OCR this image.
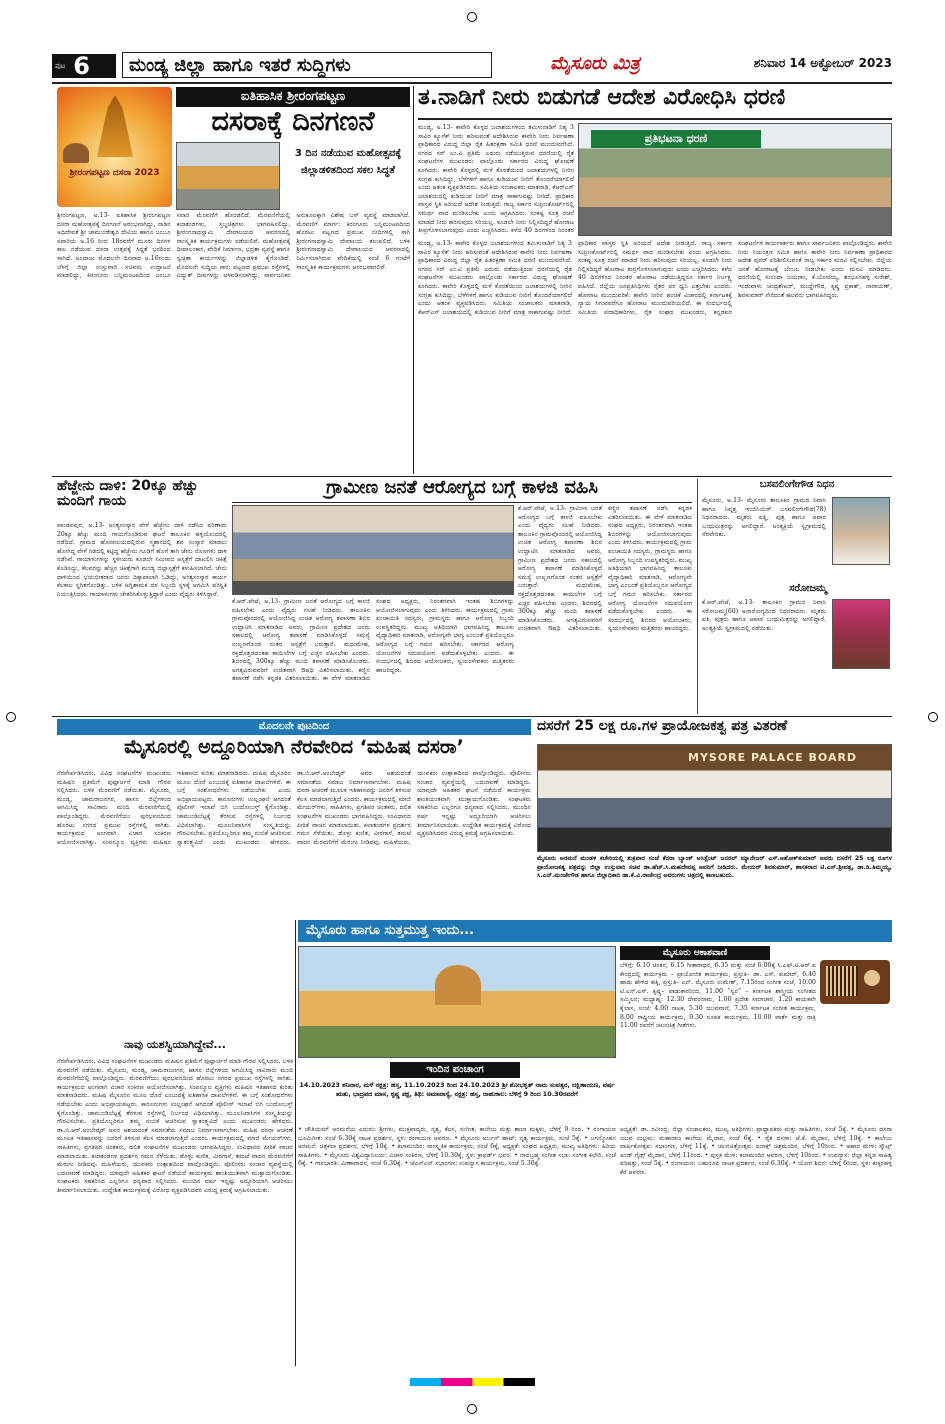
ಪುಟ 6	ಮಂಡ್ಯ ಜಿಲ್ಲಾ ಹಾಗೂ ಇತರೆ ಸುದ್ದಿಗಳು	ಮೈಸೂರು ಮಿತ್ರ	ಶನಿವಾರ 14 ಅಕ್ಟೋಬರ್ 2023
ಶ್ರೀರಂಗಪಟ್ಟಣ ದಸರಾ 2023
ಐತಿಹಾಸಿಕ ಶ್ರೀರಂಗಪಟ್ಟಣ
ದಸರಾಕ್ಕೆ ದಿನಗಣನೆ
3 ದಿನ ನಡೆಯುವ ಮಹೋತ್ಸವಕ್ಕೆ ಜಿಲ್ಲಾಡಳಿತದಿಂದ ಸಕಲ ಸಿದ್ಧತೆ
ಶ್ರೀರಂಗಪಟ್ಟಣ, ಅ.13- ಐತಿಹಾಸಿಕ ಶ್ರೀರಂಗಪಟ್ಟಣ ದಸರಾ ಮಹೋತ್ಸವಕ್ಕೆ ದಿನಗಣನೆ ಆರಂಭವಾಗಿದ್ದು, ನಾಡಿನ ಅಧಿದೇವತೆ ಶ್ರೀ ಚಾಮುಂಡೇಶ್ವರಿ ದೇವಿಯ ಹಾಗೂ ಜಂಬೂ ಸವಾರಿಯ ಅ.16 ರಿಂದ 18ರವರೆಗೆ ಮೂರು ದಿನಗಳ ಕಾಲ ನಡೆಯುವ ದಸರಾ ಉತ್ಸವಕ್ಕೆ ಸಿದ್ಧತೆ ಭರದಿಂದ ಸಾಗಿದೆ. ಅಂದಾಜು ಮೊದಲನೇ ದಿನವಾದ ಅ.16ರಂದು ಬೆಳಗ್ಗೆ ಜಿಲ್ಲಾ ಉಸ್ತುವಾರಿ ಸಚಿವರು ಉದ್ಘಾಟನೆ ಮಾಡಲಿದ್ದು, ಕಿರಂಗೂರು ಬನ್ನಿಮಂಟಪದಿಂದ ಜಂಬೂ ಸವಾರಿ ಮೆರವಣಿಗೆ ಹೊರಡಲಿದೆ. ಮೆರವಣಿಗೆಯಲ್ಲಿ ಕಲಾತಂಡಗಳು, ಸ್ತಬ್ಧಚಿತ್ರಗಳು ಭಾಗವಹಿಸಲಿದ್ದು, ಶ್ರೀರಂಗನಾಥಸ್ವಾಮಿ ದೇವಾಲಯದ ಆವರಣದಲ್ಲಿ ಸಾಂಸ್ಕೃತಿಕ ಕಾರ್ಯಕ್ರಮಗಳು ನಡೆಯಲಿವೆ. ಮಹೋತ್ಸವಕ್ಕೆ ದೀಪಾಲಂಕಾರ, ವೇದಿಕೆ ನಿರ್ಮಾಣ, ಭದ್ರತಾ ವ್ಯವಸ್ಥೆ ಹಾಗೂ ಸ್ವಚ್ಛತಾ ಕಾರ್ಯಗಳನ್ನು ಜಿಲ್ಲಾಡಳಿತ ಕೈಗೊಂಡಿದೆ. ಮೊದಲನೇ ಸುದ್ದಿಯ ಸಾರ: ಪಟ್ಟಣದ ಪ್ರಮುಖ ರಸ್ತೆಗಳಲ್ಲಿ ವಿದ್ಯುತ್ ದೀಪಗಳನ್ನು ಅಳವಡಿಸಲಾಗಿದ್ದು, ಸಾರ್ವಜನಿಕರ ಅನುಕೂಲಕ್ಕಾಗಿ ವಿಶೇಷ ಬಸ್ ವ್ಯವಸ್ಥೆ ಮಾಡಲಾಗಿದೆ. ಮೆರವಣಿಗೆ ಮಾರ್ಗ: ಕಿರಂಗೂರು ಬನ್ನಿಮಂಟಪದಿಂದ ಹೊರಟು ಪಟ್ಟಣದ ಪ್ರಮುಖ ಬೀದಿಗಳಲ್ಲಿ ಸಾಗಿ ಶ್ರೀರಂಗನಾಥಸ್ವಾಮಿ ದೇವಾಲಯ ತಲುಪಲಿದೆ. ಬಳಿಕ ಶ್ರೀರಂಗನಾಥಸ್ವಾಮಿ ದೇವಾಲಯದ ಆವರಣದಲ್ಲಿ ನಿರ್ಮಿಸಲಾಗಿರುವ ವೇದಿಕೆಯಲ್ಲಿ ಸಂಜೆ 6 ಗಂಟೆಗೆ ಸಾಂಸ್ಕೃತಿಕ ಕಾರ್ಯಕ್ರಮಗಳು ಆರಂಭವಾಗಲಿವೆ.
ತ.ನಾಡಿಗೆ ನೀರು ಬಿಡುಗಡೆ ಆದೇಶ ವಿರೋಧಿಸಿ ಧರಣಿ
ಮಂಡ್ಯ, ಅ.13- ಕಾವೇರಿ ಕೊಳ್ಳದ ಜಲಾಶಯಗಳಿಂದ ತಮಿಳುನಾಡಿಗೆ ನಿತ್ಯ 3 ಸಾವಿರ ಕ್ಯೂಸೆಕ್ ನೀರು ಹರಿಸುವಂತೆ ಆದೇಶಿಸಿರುವ ಕಾವೇರಿ ನೀರು ನಿರ್ವಹಣಾ ಪ್ರಾಧಿಕಾರದ ವಿರುದ್ಧ ಜಿಲ್ಲಾ ರೈತ ಹಿತರಕ್ಷಣಾ ಸಮಿತಿ ಧರಣಿ ಮುಂದುವರೆಸಿದೆ. ನಗರದ ಸರ್ ಎಂ.ವಿ ಪ್ರತಿಮೆ ಎದುರು ನಡೆಯುತ್ತಿರುವ ಧರಣಿಯಲ್ಲಿ ರೈತ ಸಂಘಟನೆಗಳ ಮುಖಂಡರು ಪಾಲ್ಗೊಂಡು ಸರ್ಕಾರದ ವಿರುದ್ಧ ಘೋಷಣೆ ಕೂಗಿದರು. ಕಾವೇರಿ ಕೊಳ್ಳದಲ್ಲಿ ಮಳೆ ಕೊರತೆಯಿಂದ ಜಲಾಶಯಗಳಲ್ಲಿ ನೀರಿನ ಸಂಗ್ರಹ ಕುಸಿದಿದ್ದು, ಬೆಳೆಗಳಿಗೆ ಹಾಗೂ ಕುಡಿಯುವ ನೀರಿಗೆ ತೊಂದರೆಯಾಗಲಿದೆ ಎಂದು ಆತಂಕ ವ್ಯಕ್ತಪಡಿಸಿದರು. ಸಮಿತಿಯ ಸಂಚಾಲಕರು ಮಾತನಾಡಿ, ಕೆಆರ್‌ಎಸ್ ಜಲಾಶಯದಲ್ಲಿ ಕುಡಿಯುವ ನೀರಿಗೆ ಮಾತ್ರ ಸಾಕಾಗುವಷ್ಟು ನೀರಿದೆ. ಪ್ರಾಧಿಕಾರ ವಾಸ್ತವ ಸ್ಥಿತಿ ಅರಿಯದೆ ಆದೇಶ ನೀಡುತ್ತಿದೆ. ರಾಜ್ಯ ಸರ್ಕಾರ ಸುಪ್ರೀಂಕೋರ್ಟ್‌ನಲ್ಲಿ ಸಮರ್ಥ ವಾದ ಮಂಡಿಸಬೇಕು ಎಂದು ಆಗ್ರಹಿಸಿದರು. ಸಂಕಷ್ಟ ಸೂತ್ರ ರಚನೆ ಮಾಡದೆ ನೀರು ಹರಿಸುವುದು ಸರಿಯಲ್ಲ. ಕೂಡಲೇ ನೀರು ನಿಲ್ಲಿಸದಿದ್ದರೆ ಹೋರಾಟ ತೀವ್ರಗೊಳಿಸಲಾಗುವುದು ಎಂದು ಎಚ್ಚರಿಸಿದರು. ಕಳೆದ 40 ದಿನಗಳಿಂದ ನಿರಂತರ
ಪ್ರತಿಭಟನಾ ಧರಣಿ
ಮಂಡ್ಯ, ಅ.13- ಕಾವೇರಿ ಕೊಳ್ಳದ ಜಲಾಶಯಗಳಿಂದ ತಮಿಳುನಾಡಿಗೆ ನಿತ್ಯ 3 ಸಾವಿರ ಕ್ಯೂಸೆಕ್ ನೀರು ಹರಿಸುವಂತೆ ಆದೇಶಿಸಿರುವ ಕಾವೇರಿ ನೀರು ನಿರ್ವಹಣಾ ಪ್ರಾಧಿಕಾರದ ವಿರುದ್ಧ ಜಿಲ್ಲಾ ರೈತ ಹಿತರಕ್ಷಣಾ ಸಮಿತಿ ಧರಣಿ ಮುಂದುವರೆಸಿದೆ. ನಗರದ ಸರ್ ಎಂ.ವಿ ಪ್ರತಿಮೆ ಎದುರು ನಡೆಯುತ್ತಿರುವ ಧರಣಿಯಲ್ಲಿ ರೈತ ಸಂಘಟನೆಗಳ ಮುಖಂಡರು ಪಾಲ್ಗೊಂಡು ಸರ್ಕಾರದ ವಿರುದ್ಧ ಘೋಷಣೆ ಕೂಗಿದರು. ಕಾವೇರಿ ಕೊಳ್ಳದಲ್ಲಿ ಮಳೆ ಕೊರತೆಯಿಂದ ಜಲಾಶಯಗಳಲ್ಲಿ ನೀರಿನ ಸಂಗ್ರಹ ಕುಸಿದಿದ್ದು, ಬೆಳೆಗಳಿಗೆ ಹಾಗೂ ಕುಡಿಯುವ ನೀರಿಗೆ ತೊಂದರೆಯಾಗಲಿದೆ ಎಂದು ಆತಂಕ ವ್ಯಕ್ತಪಡಿಸಿದರು. ಸಮಿತಿಯ ಸಂಚಾಲಕರು ಮಾತನಾಡಿ, ಕೆಆರ್‌ಎಸ್ ಜಲಾಶಯದಲ್ಲಿ ಕುಡಿಯುವ ನೀರಿಗೆ ಮಾತ್ರ ಸಾಕಾಗುವಷ್ಟು ನೀರಿದೆ. ಪ್ರಾಧಿಕಾರ ವಾಸ್ತವ ಸ್ಥಿತಿ ಅರಿಯದೆ ಆದೇಶ ನೀಡುತ್ತಿದೆ. ರಾಜ್ಯ ಸರ್ಕಾರ ಸುಪ್ರೀಂಕೋರ್ಟ್‌ನಲ್ಲಿ ಸಮರ್ಥ ವಾದ ಮಂಡಿಸಬೇಕು ಎಂದು ಆಗ್ರಹಿಸಿದರು. ಸಂಕಷ್ಟ ಸೂತ್ರ ರಚನೆ ಮಾಡದೆ ನೀರು ಹರಿಸುವುದು ಸರಿಯಲ್ಲ. ಕೂಡಲೇ ನೀರು ನಿಲ್ಲಿಸದಿದ್ದರೆ ಹೋರಾಟ ತೀವ್ರಗೊಳಿಸಲಾಗುವುದು ಎಂದು ಎಚ್ಚರಿಸಿದರು. ಕಳೆದ 40 ದಿನಗಳಿಂದ ನಿರಂತರ ಹೋರಾಟ ನಡೆಯುತ್ತಿದ್ದರೂ ಸರ್ಕಾರ ನಿರ್ಲಕ್ಷ್ಯ ವಹಿಸಿದೆ. ಜಿಲ್ಲೆಯ ಜನಪ್ರತಿನಿಧಿಗಳು ರೈತರ ಪರ ಧ್ವನಿ ಎತ್ತಬೇಕು ಎಂದರು. ಹೋರಾಟ ಮುಂದುವರಿಕೆ: ಕಾವೇರಿ ನೀರಿನ ಹಂಚಿಕೆ ವಿಚಾರದಲ್ಲಿ ಕರ್ನಾಟಕಕ್ಕೆ ನ್ಯಾಯ ಸಿಗುವವರೆಗೂ ಹೋರಾಟ ಮುಂದುವರಿಯಲಿದೆ. ಈ ಸಂದರ್ಭದಲ್ಲಿ ಸಮಿತಿಯ ಪದಾಧಿಕಾರಿಗಳು, ರೈತ ಸಂಘದ ಮುಖಂಡರು, ಕನ್ನಡಪರ ಸಂಘಟನೆಗಳ ಕಾರ್ಯಕರ್ತರು ಹಾಗೂ ಸಾರ್ವಜನಿಕರು ಪಾಲ್ಗೊಂಡಿದ್ದರು. ಕಾವೇರಿ ನೀರು ನಿಯಂತ್ರಣ ಸಮಿತಿ ಹಾಗೂ ಕಾವೇರಿ ನೀರು ನಿರ್ವಹಣಾ ಪ್ರಾಧಿಕಾರದ ಆದೇಶ ಪುನರ್ ಪರಿಶೀಲಿಸುವಂತೆ ರಾಜ್ಯ ಸರ್ಕಾರ ಮನವಿ ಸಲ್ಲಿಸಬೇಕು. ಜಿಲ್ಲೆಯ ಜನತೆ ಹೋರಾಟಕ್ಕೆ ಬೆಂಬಲ ನೀಡಬೇಕು ಎಂದು ಮನವಿ ಮಾಡಿದರು. ಧರಣಿಯಲ್ಲಿ ಸುನಂದಾ ಜಯರಾಂ, ಕೆ.ಬೋರಯ್ಯ, ಶಂಭೂನಹಳ್ಳಿ ಸುರೇಶ್, ಇಂಡುವಾಳು ಚಂದ್ರಶೇಖರ್, ಮುದ್ದೇಗೌಡ, ಕೃಷ್ಣ ಪ್ರಕಾಶ್, ನಾರಾಯಣ್, ಶಿವಕುಮಾರ್ ಸೇರಿದಂತೆ ಹಲವರು ಭಾಗವಹಿಸಿದ್ದರು.
ಹೆಜ್ಜೇನು ದಾಳಿ: 20ಕ್ಕೂ ಹೆಚ್ಚು ಮಂದಿಗೆ ಗಾಯ
ಪಾಂಡವಪುರ, ಅ.13- ಅಂತ್ಯಸಂಸ್ಕಾರ ವೇಳೆ ಹೆಜ್ಜೇನು ದಾಳಿ ನಡೆಸಿದ ಪರಿಣಾಮ 20ಕ್ಕೂ ಹೆಚ್ಚು ಮಂದಿ ಗಾಯಗೊಂಡಿರುವ ಘಟನೆ ತಾಲೂಕಿನ ಹಳ್ಳಿಯೊಂದರಲ್ಲಿ ನಡೆದಿದೆ. ಗ್ರಾಮದ ಹೊರವಲಯದಲ್ಲಿರುವ ಸ್ಮಶಾನದಲ್ಲಿ ಶವ ಸಂಸ್ಕಾರ ಮಾಡಲು ಹೋಗಿದ್ದ ವೇಳೆ ಗಿಡದಲ್ಲಿ ಕಟ್ಟಿದ್ದ ಹೆಜ್ಜೇನು ಗೂಡಿಗೆ ಹೊಗೆ ತಾಗಿ ಜೇನು ನೊಣಗಳು ದಾಳಿ ನಡೆಸಿವೆ. ಗಾಯಾಳುಗಳನ್ನು ಸ್ಥಳೀಯರು ಕೂಡಲೇ ಸಮೀಪದ ಆಸ್ಪತ್ರೆಗೆ ದಾಖಲಿಸಿ ಚಿಕಿತ್ಸೆ ಕೊಡಿಸಿದ್ದು, ಕೆಲವರನ್ನು ಹೆಚ್ಚಿನ ಚಿಕಿತ್ಸೆಗಾಗಿ ಮಂಡ್ಯ ಜಿಲ್ಲಾಸ್ಪತ್ರೆಗೆ ಕಳುಹಿಸಲಾಗಿದೆ. ಜೇನು ದಾಳಿಯಿಂದ ಭಯಭೀತರಾದ ಜನರು ದಿಕ್ಕಾಪಾಲಾಗಿ ಓಡಿದ್ದು, ಅಂತ್ಯಸಂಸ್ಕಾರ ಕಾರ್ಯ ಕೆಲಕಾಲ ಸ್ಥಗಿತಗೊಂಡಿತ್ತು. ಬಳಿಕ ಅಗ್ನಿಶಾಮಕ ದಳ ಸಿಬ್ಬಂದಿ ಸ್ಥಳಕ್ಕೆ ಆಗಮಿಸಿ ಪರಿಸ್ಥಿತಿ ನಿಯಂತ್ರಿಸಿದರು. ಗಾಯಾಳುಗಳು ಚೇತರಿಸಿಕೊಳ್ಳುತ್ತಿದ್ದಾರೆ ಎಂದು ವೈದ್ಯರು ತಿಳಿಸಿದ್ದಾರೆ.
ಗ್ರಾಮೀಣ ಜನತೆ ಆರೋಗ್ಯದ ಬಗ್ಗೆ ಕಾಳಜಿ ವಹಿಸಿ
ಕೆ.ಆರ್.ಪೇಟೆ, ಅ.13- ಗ್ರಾಮೀಣ ಜನತೆ ಆರೋಗ್ಯದ ಬಗ್ಗೆ ಕಾಳಜಿ ವಹಿಸಬೇಕು ಎಂದು ವೈದ್ಯರು ಸಲಹೆ ನೀಡಿದರು. ತಾಲೂಕಿನ ಗ್ರಾಮವೊಂದರಲ್ಲಿ ಆಯೋಜಿಸಿದ್ದ ಉಚಿತ ಆರೋಗ್ಯ ತಪಾಸಣಾ ಶಿಬಿರ ಉದ್ಘಾಟಿಸಿ ಮಾತನಾಡಿದ ಅವರು, ಗ್ರಾಮೀಣ ಪ್ರದೇಶದ ಜನರು ಸಕಾಲದಲ್ಲಿ ಆರೋಗ್ಯ ತಪಾಸಣೆ ಮಾಡಿಸಿಕೊಳ್ಳದೆ ಸಮಸ್ಯೆ ಉಲ್ಬಣಗೊಂಡ ನಂತರ ಆಸ್ಪತ್ರೆಗೆ ಬರುತ್ತಾರೆ. ಮಧುಮೇಹ, ರಕ್ತದೊತ್ತಡದಂತಹ ಕಾಯಿಲೆಗಳ ಬಗ್ಗೆ ಎಚ್ಚರ ವಹಿಸಬೇಕು ಎಂದರು. ಶಿಬಿರದಲ್ಲಿ 300ಕ್ಕೂ ಹೆಚ್ಚು ಮಂದಿ ತಪಾಸಣೆ ಮಾಡಿಸಿಕೊಂಡರು. ಅಗತ್ಯವಿರುವವರಿಗೆ ಉಚಿತವಾಗಿ ಔಷಧಿ ವಿತರಿಸಲಾಯಿತು. ಕಣ್ಣಿನ ತಪಾಸಣೆ ನಡೆಸಿ ಕನ್ನಡಕ ವಿತರಿಸಲಾಯಿತು. ಈ ವೇಳೆ ಮಾತನಾಡಿದ ಸಂಘದ ಅಧ್ಯಕ್ಷರು, ನಿರಂತರವಾಗಿ ಇಂತಹ ಶಿಬಿರಗಳನ್ನು ಆಯೋಜಿಸಲಾಗುವುದು ಎಂದು ತಿಳಿಸಿದರು. ಕಾರ್ಯಕ್ರಮದಲ್ಲಿ ಗ್ರಾಮ ಪಂಚಾಯಿತಿ ಸದಸ್ಯರು, ಗ್ರಾಮಸ್ಥರು ಹಾಗೂ ಆರೋಗ್ಯ ಸಿಬ್ಬಂದಿ ಉಪಸ್ಥಿತರಿದ್ದರು. ಮುಖ್ಯ ಅತಿಥಿಯಾಗಿ ಭಾಗವಹಿಸಿದ್ದ ತಾಲೂಕು ವೈದ್ಯಾಧಿಕಾರಿ ಮಾತನಾಡಿ, ಆರೋಗ್ಯವೇ ಭಾಗ್ಯ ಎಂಬಂತೆ ಪ್ರತಿಯೊಬ್ಬರೂ ಆರೋಗ್ಯದ ಬಗ್ಗೆ ಗಮನ ಹರಿಸಬೇಕು. ಸರ್ಕಾರದ ಆರೋಗ್ಯ ಯೋಜನೆಗಳ ಸದುಪಯೋಗ ಪಡೆದುಕೊಳ್ಳಬೇಕು ಎಂದರು. ಈ ಸಂದರ್ಭದಲ್ಲಿ ಶಿಬಿರದ ಆಯೋಜಕರು, ಸ್ವಯಂಸೇವಕರು ಮತ್ತಿತರರು ಹಾಜರಿದ್ದರು.
ಕೆ.ಆರ್.ಪೇಟೆ, ಅ.13- ಗ್ರಾಮೀಣ ಜನತೆ ಆರೋಗ್ಯದ ಬಗ್ಗೆ ಕಾಳಜಿ ವಹಿಸಬೇಕು ಎಂದು ವೈದ್ಯರು ಸಲಹೆ ನೀಡಿದರು. ತಾಲೂಕಿನ ಗ್ರಾಮವೊಂದರಲ್ಲಿ ಆಯೋಜಿಸಿದ್ದ ಉಚಿತ ಆರೋಗ್ಯ ತಪಾಸಣಾ ಶಿಬಿರ ಉದ್ಘಾಟಿಸಿ ಮಾತನಾಡಿದ ಅವರು, ಗ್ರಾಮೀಣ ಪ್ರದೇಶದ ಜನರು ಸಕಾಲದಲ್ಲಿ ಆರೋಗ್ಯ ತಪಾಸಣೆ ಮಾಡಿಸಿಕೊಳ್ಳದೆ ಸಮಸ್ಯೆ ಉಲ್ಬಣಗೊಂಡ ನಂತರ ಆಸ್ಪತ್ರೆಗೆ ಬರುತ್ತಾರೆ. ಮಧುಮೇಹ, ರಕ್ತದೊತ್ತಡದಂತಹ ಕಾಯಿಲೆಗಳ ಬಗ್ಗೆ ಎಚ್ಚರ ವಹಿಸಬೇಕು ಎಂದರು. ಶಿಬಿರದಲ್ಲಿ 300ಕ್ಕೂ ಹೆಚ್ಚು ಮಂದಿ ತಪಾಸಣೆ ಮಾಡಿಸಿಕೊಂಡರು. ಅಗತ್ಯವಿರುವವರಿಗೆ ಉಚಿತವಾಗಿ ಔಷಧಿ ವಿತರಿಸಲಾಯಿತು. ಕಣ್ಣಿನ ತಪಾಸಣೆ ನಡೆಸಿ ಕನ್ನಡಕ ವಿತರಿಸಲಾಯಿತು. ಈ ವೇಳೆ ಮಾತನಾಡಿದ ಸಂಘದ ಅಧ್ಯಕ್ಷರು, ನಿರಂತರವಾಗಿ ಇಂತಹ ಶಿಬಿರಗಳನ್ನು ಆಯೋಜಿಸಲಾಗುವುದು ಎಂದು ತಿಳಿಸಿದರು. ಕಾರ್ಯಕ್ರಮದಲ್ಲಿ ಗ್ರಾಮ ಪಂಚಾಯಿತಿ ಸದಸ್ಯರು, ಗ್ರಾಮಸ್ಥರು ಹಾಗೂ ಆರೋಗ್ಯ ಸಿಬ್ಬಂದಿ ಉಪಸ್ಥಿತರಿದ್ದರು. ಮುಖ್ಯ ಅತಿಥಿಯಾಗಿ ಭಾಗವಹಿಸಿದ್ದ ತಾಲೂಕು ವೈದ್ಯಾಧಿಕಾರಿ ಮಾತನಾಡಿ, ಆರೋಗ್ಯವೇ ಭಾಗ್ಯ ಎಂಬಂತೆ ಪ್ರತಿಯೊಬ್ಬರೂ ಆರೋಗ್ಯದ ಬಗ್ಗೆ ಗಮನ ಹರಿಸಬೇಕು. ಸರ್ಕಾರದ ಆರೋಗ್ಯ ಯೋಜನೆಗಳ ಸದುಪಯೋಗ ಪಡೆದುಕೊಳ್ಳಬೇಕು ಎಂದರು. ಈ ಸಂದರ್ಭದಲ್ಲಿ ಶಿಬಿರದ ಆಯೋಜಕರು, ಸ್ವಯಂಸೇವಕರು ಮತ್ತಿತರರು ಹಾಜರಿದ್ದರು.
ಬಸವಲಿಂಗೇಗೌಡ ನಿಧನ
ಮೈಸೂರು, ಅ.13- ಮೈಸೂರು ತಾಲೂಕಿನ ಗ್ರಾಮದ ನಿವಾಸಿ ಹಾಗೂ ನಿವೃತ್ತ ಇಂಜಿನಿಯರ್ ಬಸವಲಿಂಗೇಗೌಡ(78) ನಿಧನರಾದರು. ಮೃತರು ಪತ್ನಿ, ಪುತ್ರ ಹಾಗೂ ಅಪಾರ ಬಂಧುಮಿತ್ರರನ್ನು ಅಗಲಿದ್ದಾರೆ. ಅಂತ್ಯಕ್ರಿಯೆ ಸ್ವಗ್ರಾಮದಲ್ಲಿ ನೆರವೇರಿತು.
ಸರೋಜಮ್ಮ
ಕೆ.ಆರ್.ಪೇಟೆ, ಅ.13- ತಾಲೂಕಿನ ಗ್ರಾಮದ ನಿವಾಸಿ ಸರೋಜಮ್ಮ(60) ಅನಾರೋಗ್ಯದಿಂದ ನಿಧನರಾದರು. ಮೃತರು ಪತಿ, ಪುತ್ರರು ಹಾಗೂ ಅಪಾರ ಬಂಧುಮಿತ್ರರನ್ನು ಅಗಲಿದ್ದಾರೆ. ಅಂತ್ಯಕ್ರಿಯೆ ಸ್ವಗ್ರಾಮದಲ್ಲಿ ನಡೆಯಿತು.
ಮೊದಲನೇ ಪುಟದಿಂದ
ಮೈಸೂರಲ್ಲಿ ಅದ್ದೂರಿಯಾಗಿ ನೆರವೇರಿದ ‘ಮಹಿಷ ದಸರಾ’
ನೆರವೇರ್ಪಡಿಸಿದರು. ವಿವಿಧ ಸಂಘಟನೆಗಳ ಮುಖಂಡರು ಮಹಿಷನ ಪ್ರತಿಮೆಗೆ ಪುಷ್ಪಾರ್ಚನೆ ಮಾಡಿ ಗೌರವ ಸಲ್ಲಿಸಿದರು. ಬಳಿಕ ಮೆರವಣಿಗೆ ನಡೆಯಿತು. ಮೈಸೂರು, ಮಂಡ್ಯ, ಚಾಮರಾಜನಗರ, ಹಾಸನ ಜಿಲ್ಲೆಗಳಿಂದ ಆಗಮಿಸಿದ್ದ ಸಾವಿರಾರು ಮಂದಿ ಮೆರವಣಿಗೆಯಲ್ಲಿ ಪಾಲ್ಗೊಂಡಿದ್ದರು. ಮೆರವಣಿಗೆಯು ಪುರಭವನದಿಂದ ಹೊರಟು ನಗರದ ಪ್ರಮುಖ ರಸ್ತೆಗಳಲ್ಲಿ ಸಾಗಿತು. ಕಾರ್ಯಕ್ರಮದ ಅಂಗವಾಗಿ ವಿಚಾರ ಸಂಕಿರಣ ಆಯೋಜಿಸಲಾಗಿತ್ತು. ಸಂಪನ್ಮೂಲ ವ್ಯಕ್ತಿಗಳು ಮಹಿಷನ ಇತಿಹಾಸದ ಕುರಿತು ಮಾತನಾಡಿದರು. ಮಹಿಷ ಮೈಸೂರಿನ ಮೂಲ ದೊರೆ ಎಂಬುದಕ್ಕೆ ಐತಿಹಾಸಿಕ ದಾಖಲೆಗಳಿವೆ. ಈ ಬಗ್ಗೆ ಸಂಶೋಧನೆಗಳು ನಡೆಯಬೇಕು ಎಂದು ಅಭಿಪ್ರಾಯಪಟ್ಟರು. ಕಾನೂನುಗಳು ಉಲ್ಲಂಘನೆ ಆಗದಂತೆ ಪೊಲೀಸ್ ಇಲಾಖೆ ಬಿಗಿ ಬಂದೋಬಸ್ತ್ ಕೈಗೊಂಡಿತ್ತು. ಚಾಮುಂಡಿಬೆಟ್ಟಕ್ಕೆ ತೆರಳುವ ರಸ್ತೆಗಳಲ್ಲಿ ನಿರ್ಬಂಧ ವಿಧಿಸಲಾಗಿತ್ತು. ಮೂಲನಿವಾಸಿಗಳ ಸಂಸ್ಕೃತಿಯನ್ನು ಗೌರವಿಸಬೇಕು. ಪ್ರತಿಯೊಬ್ಬರಿಗೂ ತಮ್ಮ ನಂಬಿಕೆ ಆಚರಿಸುವ ಸ್ವಾತಂತ್ರ್ಯವಿದೆ ಎಂದು ಮುಖಂಡರು ಹೇಳಿದರು. ಡಾ.ಬಿ.ಆರ್.ಅಂಬೇಡ್ಕರ್ ಅವರ ಆಶಯದಂತೆ ಸಮಾನತೆಯ ಸಮಾಜ ನಿರ್ಮಾಣವಾಗಬೇಕು. ಮಹಿಷ ದಸರಾ ಆಚರಣೆ ಮೂಲಕ ಇತಿಹಾಸವನ್ನು ಜನರಿಗೆ ತಿಳಿಸುವ ಕೆಲಸ ಮಾಡಲಾಗುತ್ತಿದೆ ಎಂದರು. ಕಾರ್ಯಕ್ರಮದಲ್ಲಿ ಮಾಜಿ ಮೇಯರ್‌ಗಳು, ಸಾಹಿತಿಗಳು, ಪ್ರಗತಿಪರ ಚಿಂತಕರು, ದಲಿತ ಸಂಘಟನೆಗಳ ಮುಖಂಡರು ಭಾಗವಹಿಸಿದ್ದರು. ಸಂವಿಧಾನದ ಪೀಠಿಕೆ ವಾಚನ ಮಾಡಲಾಯಿತು. ಕಲಾತಂಡಗಳ ಪ್ರದರ್ಶನ ಗಮನ ಸೆಳೆಯಿತು. ಡೊಳ್ಳು ಕುಣಿತ, ವೀರಗಾಸೆ, ತಮಟೆ ವಾದನ ಮೆರವಣಿಗೆಗೆ ಮೆರುಗು ನೀಡಿದವು. ಮಹಿಳೆಯರು, ಯುವಕರು ಉತ್ಸಾಹದಿಂದ ಪಾಲ್ಗೊಂಡಿದ್ದರು. ಪೊಲೀಸರು ಸಂಚಾರ ವ್ಯವಸ್ಥೆಯಲ್ಲಿ ಬದಲಾವಣೆ ಮಾಡಿದ್ದರು. ಯಾವುದೇ ಅಹಿತಕರ ಘಟನೆ ನಡೆಯದೆ ಕಾರ್ಯಕ್ರಮ ಶಾಂತಿಯುತವಾಗಿ ಮುಕ್ತಾಯಗೊಂಡಿತು. ಸಂಘಟಕರು ಸಹಕರಿಸಿದ ಎಲ್ಲರಿಗೂ ಧನ್ಯವಾದ ಸಲ್ಲಿಸಿದರು. ಮುಂದಿನ ವರ್ಷ ಇನ್ನಷ್ಟು ಅದ್ದೂರಿಯಾಗಿ ಆಚರಿಸಲು ತೀರ್ಮಾನಿಸಲಾಯಿತು. ಉದ್ದೇಶಿತ ಕಾರ್ಯಕ್ರಮಕ್ಕೆ ವಿರೋಧ ವ್ಯಕ್ತಪಡಿಸಿದವರ ವಿರುದ್ಧ ಕ್ರಮಕ್ಕೆ ಆಗ್ರಹಿಸಲಾಯಿತು.
ನಾವು ಯಶಸ್ವಿಯಾಗಿದ್ದೇವೆ...
ನೆರವೇರ್ಪಡಿಸಿದರು. ವಿವಿಧ ಸಂಘಟನೆಗಳ ಮುಖಂಡರು ಮಹಿಷನ ಪ್ರತಿಮೆಗೆ ಪುಷ್ಪಾರ್ಚನೆ ಮಾಡಿ ಗೌರವ ಸಲ್ಲಿಸಿದರು. ಬಳಿಕ ಮೆರವಣಿಗೆ ನಡೆಯಿತು. ಮೈಸೂರು, ಮಂಡ್ಯ, ಚಾಮರಾಜನಗರ, ಹಾಸನ ಜಿಲ್ಲೆಗಳಿಂದ ಆಗಮಿಸಿದ್ದ ಸಾವಿರಾರು ಮಂದಿ ಮೆರವಣಿಗೆಯಲ್ಲಿ ಪಾಲ್ಗೊಂಡಿದ್ದರು. ಮೆರವಣಿಗೆಯು ಪುರಭವನದಿಂದ ಹೊರಟು ನಗರದ ಪ್ರಮುಖ ರಸ್ತೆಗಳಲ್ಲಿ ಸಾಗಿತು. ಕಾರ್ಯಕ್ರಮದ ಅಂಗವಾಗಿ ವಿಚಾರ ಸಂಕಿರಣ ಆಯೋಜಿಸಲಾಗಿತ್ತು. ಸಂಪನ್ಮೂಲ ವ್ಯಕ್ತಿಗಳು ಮಹಿಷನ ಇತಿಹಾಸದ ಕುರಿತು ಮಾತನಾಡಿದರು. ಮಹಿಷ ಮೈಸೂರಿನ ಮೂಲ ದೊರೆ ಎಂಬುದಕ್ಕೆ ಐತಿಹಾಸಿಕ ದಾಖಲೆಗಳಿವೆ. ಈ ಬಗ್ಗೆ ಸಂಶೋಧನೆಗಳು ನಡೆಯಬೇಕು ಎಂದು ಅಭಿಪ್ರಾಯಪಟ್ಟರು. ಕಾನೂನುಗಳು ಉಲ್ಲಂಘನೆ ಆಗದಂತೆ ಪೊಲೀಸ್ ಇಲಾಖೆ ಬಿಗಿ ಬಂದೋಬಸ್ತ್ ಕೈಗೊಂಡಿತ್ತು. ಚಾಮುಂಡಿಬೆಟ್ಟಕ್ಕೆ ತೆರಳುವ ರಸ್ತೆಗಳಲ್ಲಿ ನಿರ್ಬಂಧ ವಿಧಿಸಲಾಗಿತ್ತು. ಮೂಲನಿವಾಸಿಗಳ ಸಂಸ್ಕೃತಿಯನ್ನು ಗೌರವಿಸಬೇಕು. ಪ್ರತಿಯೊಬ್ಬರಿಗೂ ತಮ್ಮ ನಂಬಿಕೆ ಆಚರಿಸುವ ಸ್ವಾತಂತ್ರ್ಯವಿದೆ ಎಂದು ಮುಖಂಡರು ಹೇಳಿದರು. ಡಾ.ಬಿ.ಆರ್.ಅಂಬೇಡ್ಕರ್ ಅವರ ಆಶಯದಂತೆ ಸಮಾನತೆಯ ಸಮಾಜ ನಿರ್ಮಾಣವಾಗಬೇಕು. ಮಹಿಷ ದಸರಾ ಆಚರಣೆ ಮೂಲಕ ಇತಿಹಾಸವನ್ನು ಜನರಿಗೆ ತಿಳಿಸುವ ಕೆಲಸ ಮಾಡಲಾಗುತ್ತಿದೆ ಎಂದರು. ಕಾರ್ಯಕ್ರಮದಲ್ಲಿ ಮಾಜಿ ಮೇಯರ್‌ಗಳು, ಸಾಹಿತಿಗಳು, ಪ್ರಗತಿಪರ ಚಿಂತಕರು, ದಲಿತ ಸಂಘಟನೆಗಳ ಮುಖಂಡರು ಭಾಗವಹಿಸಿದ್ದರು. ಸಂವಿಧಾನದ ಪೀಠಿಕೆ ವಾಚನ ಮಾಡಲಾಯಿತು. ಕಲಾತಂಡಗಳ ಪ್ರದರ್ಶನ ಗಮನ ಸೆಳೆಯಿತು. ಡೊಳ್ಳು ಕುಣಿತ, ವೀರಗಾಸೆ, ತಮಟೆ ವಾದನ ಮೆರವಣಿಗೆಗೆ ಮೆರುಗು ನೀಡಿದವು. ಮಹಿಳೆಯರು, ಯುವಕರು ಉತ್ಸಾಹದಿಂದ ಪಾಲ್ಗೊಂಡಿದ್ದರು. ಪೊಲೀಸರು ಸಂಚಾರ ವ್ಯವಸ್ಥೆಯಲ್ಲಿ ಬದಲಾವಣೆ ಮಾಡಿದ್ದರು. ಯಾವುದೇ ಅಹಿತಕರ ಘಟನೆ ನಡೆಯದೆ ಕಾರ್ಯಕ್ರಮ ಶಾಂತಿಯುತವಾಗಿ ಮುಕ್ತಾಯಗೊಂಡಿತು. ಸಂಘಟಕರು ಸಹಕರಿಸಿದ ಎಲ್ಲರಿಗೂ ಧನ್ಯವಾದ ಸಲ್ಲಿಸಿದರು. ಮುಂದಿನ ವರ್ಷ ಇನ್ನಷ್ಟು ಅದ್ದೂರಿಯಾಗಿ ಆಚರಿಸಲು ತೀರ್ಮಾನಿಸಲಾಯಿತು. ಉದ್ದೇಶಿತ ಕಾರ್ಯಕ್ರಮಕ್ಕೆ ವಿರೋಧ ವ್ಯಕ್ತಪಡಿಸಿದವರ ವಿರುದ್ಧ ಕ್ರಮಕ್ಕೆ ಆಗ್ರಹಿಸಲಾಯಿತು.
ದಸರೆಗೆ 25 ಲಕ್ಷ ರೂ.ಗಳ ಪ್ರಾಯೋಜಕತ್ವ ಪತ್ರ ವಿತರಣೆ
MYSORE PALACE BOARD
ಮೈಸೂರು ಅರಮನೆ ಮಂಡಳಿ ಕಚೇರಿಯಲ್ಲಿ ಶುಕ್ರವಾರ ಸಂಜೆ ಕೆನರಾ ಬ್ಯಾಂಕ್ ಅಸಿಸ್ಟೆಂಟ್ ಜನರಲ್ ಮ್ಯಾನೇಜರ್ ಎಸ್.ಅಶೋಕ್‌ಕುಮಾರ್ ಅವರು ದಸರೆಗೆ 25 ಲಕ್ಷ ರೂಗಳ ಪ್ರಾಯೋಜಕತ್ವ ಪತ್ರವನ್ನು ಜಿಲ್ಲಾ ಉಸ್ತುವಾರಿ ಸಚಿವ ಡಾ.ಹೆಚ್.ಸಿ.ಮಹದೇವಪ್ಪ ಅವರಿಗೆ ನೀಡಿದರು. ಮೇಯರ್ ಶಿವಕುಮಾರ್, ಶಾಸಕರಾದ ಟಿ.ಎಸ್.ಶ್ರೀವತ್ಸ, ಡಾ.ಡಿ.ತಿಮ್ಮಯ್ಯ, ಸಿ.ಎನ್.ಮಂಜೇಗೌಡ ಹಾಗೂ ಜಿಲ್ಲಾಧಿಕಾರಿ ಡಾ.ಕೆ.ವಿ.ರಾಜೇಂದ್ರ ಅವರುಗಳು ಚಿತ್ರದಲ್ಲಿ ಕಾಣಬಹುದು.
ಮೈಸೂರು ಹಾಗೂ ಸುತ್ತಮುತ್ತ ಇಂದು...
ಇಂದಿನ ಪಂಚಾಂಗ
14.10.2023 ಶನಿವಾರ, ಮಳೆ ನಕ್ಷತ್ರ: ಹಸ್ತ, 11.10.2023 ರಿಂದ 24.10.2023 ಶ್ರೀ ಶೋಭಕೃತ್ ನಾಮ ಸಂವತ್ಸರ, ದಕ್ಷಿಣಾಯಣ, ವರ್ಷ ಋತು, ಭಾದ್ರಪದ ಮಾಸ, ಕೃಷ್ಣ ಪಕ್ಷ, ತಿಥಿ: ಅಮಾವಾಸ್ಯೆ, ನಕ್ಷತ್ರ: ಹಸ್ತ, ರಾಹುಕಾಲ: ಬೆಳಿಗ್ಗೆ 9 ರಿಂದ 10.30ರವರೆಗೆ
ಮೈಸೂರು ಆಕಾಶವಾಣಿ
ಬೆಳಿಗ್ಗೆ: 6.10 ಚಿಂತನ, 6.15 ಗೀತಾರಾಧನ, 6.35 ಮತ್ತು ಸಂಜೆ 6.00ಕ್ಕೆ ಸಿ.ಎಫ್.ಟಿ.ಆರ್.ಐ ಕೇಂದ್ರದಲ್ಲಿ ಕಾರ್ಯಕ್ರಮ – ಪ್ರಾಯೋಜಿತ ಕಾರ್ಯಕ್ರಮ, ಪ್ರಸ್ತುತಿ– ಡಾ. ಎಸ್. ಕುಮಾರ್, 6.40 ಹಾಡು ಹೇಳಿದ ಹಕ್ಕಿ, ಪ್ರಸ್ತುತಿ– ಎನ್. ಮೈಸೂರು ಉಮೇಶ್, 7.15ರಿಂದ ಸಂಗೀತ ಸಂಜೆ, 10.00 ಟಿ.ಎನ್.ಎಸ್. ಕೃಷ್ಣ– ಪಾಡುಕಾರರಿಂದ, 11.00 “ಸ್ವರ” – ಕರ್ನಾಟಕ ಶಾಸ್ತ್ರೀಯ ಸಂಗೀತದ ಸಮ್ಮಿಲನ; ಮಧ್ಯಾಹ್ನ: 12.30 ದೇವರನಾಮ, 1.00 ಪ್ರದೇಶ ಸಮಾಚಾರ, 1.20 ಕಾಯಕವೇ ಕೈಲಾಸ, ಸಂಜೆ: 4.00 ನಾಟಕ, 5.30 ಯುವವಾಣಿ, 7.35 ಕರ್ನಾಟಕ ಸಂಗೀತ ಕಾರ್ಯಕ್ರಮ, 8.00 ರಾಷ್ಟ್ರೀಯ ಕಾರ್ಯಕ್ರಮ, 9.30 ರೂಪಕ ಕಾರ್ಯಕ್ರಮ, 10.00 ವಾರ್ತೆ ಮತ್ತು ರಾತ್ರಿ 11.00 ರವರೆಗೆ ಚಲನಚಿತ್ರ ಗೀತೆಗಳು.
• ಚೌತಿಯಮ್ ಅರಮನೆಯ ಎದುರು: ಶ್ರೀಗಳು, ಮುಕ್ತಪಾದ್ಯರು, ನೃತ್ಯ, ಕೆಲಸ, ಸಂಗೀತ, ಕಾಲೇಜು ಮತ್ತು ಶಾಲಾ ಮಕ್ಕಳು, ಬೆಳಿಗ್ಗೆ 9 ರಿಂದ. • ರಂಗಾಯಣ ಭೂಮಿಗೀತ: ಸಂಜೆ 6.30ಕ್ಕೆ ನಾಟಕ ಪ್ರದರ್ಶನ, ಸ್ಥಳ: ರಂಗಾಯಣ ಆವರಣ. • ಮೈಸೂರು ಅರ್ಬನ್ ಹಾಟ್: ನೃತ್ಯ ಕಾರ್ಯಕ್ರಮ, ಸಂಜೆ 5ಕ್ಕೆ. • ಜಗನ್ಮೋಹನ ಅರಮನೆ: ಚಿತ್ರಕಲಾ ಪ್ರದರ್ಶನ, ಬೆಳಿಗ್ಗೆ 10ಕ್ಕೆ. • ಕಲಾಮಂದಿರ: ಸಾಂಸ್ಕೃತಿಕ ಕಾರ್ಯಕ್ರಮ, ಸಂಜೆ 6ಕ್ಕೆ, ಅಧ್ಯಕ್ಷತೆ: ಸಂಘದ ಅಧ್ಯಕ್ಷರು, ಮುಖ್ಯ ಅತಿಥಿಗಳು: ಹಿರಿಯ ಸಾಹಿತಿಗಳು. • ಮೈಸೂರು ವಿಶ್ವವಿದ್ಯಾನಿಲಯ: ವಿಚಾರ ಸಂಕಿರಣ, ಬೆಳಿಗ್ಗೆ 10.30ಕ್ಕೆ, ಸ್ಥಳ: ಕ್ರಾಫರ್ಡ್ ಭವನ. • ನಾದಬ್ರಹ್ಮ ಸಂಗೀತ ಸಭಾ: ಸಂಗೀತ ಕಛೇರಿ, ಸಂಜೆ 6ಕ್ಕೆ. • ಗಾನಭಾರತಿ: ವೀಣಾವಾದನ, ಸಂಜೆ 6.30ಕ್ಕೆ. • ಜೆಎಸ್‌ಎಸ್ ಸಭಾಂಗಣ: ಉಪನ್ಯಾಸ ಕಾರ್ಯಕ್ರಮ, ಸಂಜೆ 5.30ಕ್ಕೆ.
ಅಧ್ಯಕ್ಷತೆ: ಡಾ. ರವೀಂದ್ರ, ಜಿಲ್ಲಾ ಸಂಚಾಲಕರು, ಮುಖ್ಯ ಅತಿಥಿಗಳು: ಪ್ರಾಧ್ಯಾಪಕರು ಮತ್ತು ಸಾಹಿತಿಗಳು, ಸಂಜೆ 5ಕ್ಕೆ. • ಮೈಸೂರು ದಸರಾ ಯುವ ಸಂಭ್ರಮ: ಮಹಾರಾಜ ಕಾಲೇಜು ಮೈದಾನ, ಸಂಜೆ 6ಕ್ಕೆ. • ರೈತ ದಸರಾ: ಜೆ.ಕೆ. ಮೈದಾನ, ಬೆಳಿಗ್ಗೆ 10ಕ್ಕೆ. • ಕಾಲೇಜು ವಾರ್ಷಿಕೋತ್ಸವ: ಸಭಾಂಗಣ, ಬೆಳಿಗ್ಗೆ 11ಕ್ಕೆ. • ಚಲನಚಿತ್ರೋತ್ಸವ: ಐನಾಕ್ಸ್ ಚಿತ್ರಮಂದಿರ, ಬೆಳಿಗ್ಗೆ 10ರಿಂದ. • ಆಹಾರ ಮೇಳ: ಸ್ಕೌಟ್ಸ್ ಅಂಡ್ ಗೈಡ್ಸ್ ಮೈದಾನ, ಬೆಳಿಗ್ಗೆ 11ರಿಂದ. • ಪುಸ್ತಕ ಮೇಳ: ಕಲಾಮಂದಿರ ಆವರಣ, ಬೆಳಿಗ್ಗೆ 10ರಿಂದ. • ಉಪನ್ಯಾಸ: ಜಿಲ್ಲಾ ಕನ್ನಡ ಸಾಹಿತ್ಯ ಪರಿಷತ್ತು, ಸಂಜೆ 5ಕ್ಕೆ. • ರಂಗಾಯಣ: ಬಹುರೂಪಿ ನಾಟಕ ಪ್ರದರ್ಶನ, ಸಂಜೆ 6.30ಕ್ಕೆ. • ಯೋಗ ಶಿಬಿರ: ಬೆಳಿಗ್ಗೆ 6ರಿಂದ, ಸ್ಥಳ: ಕುಕ್ಕರಹಳ್ಳಿ ಕೆರೆ ಆವರಣ.
